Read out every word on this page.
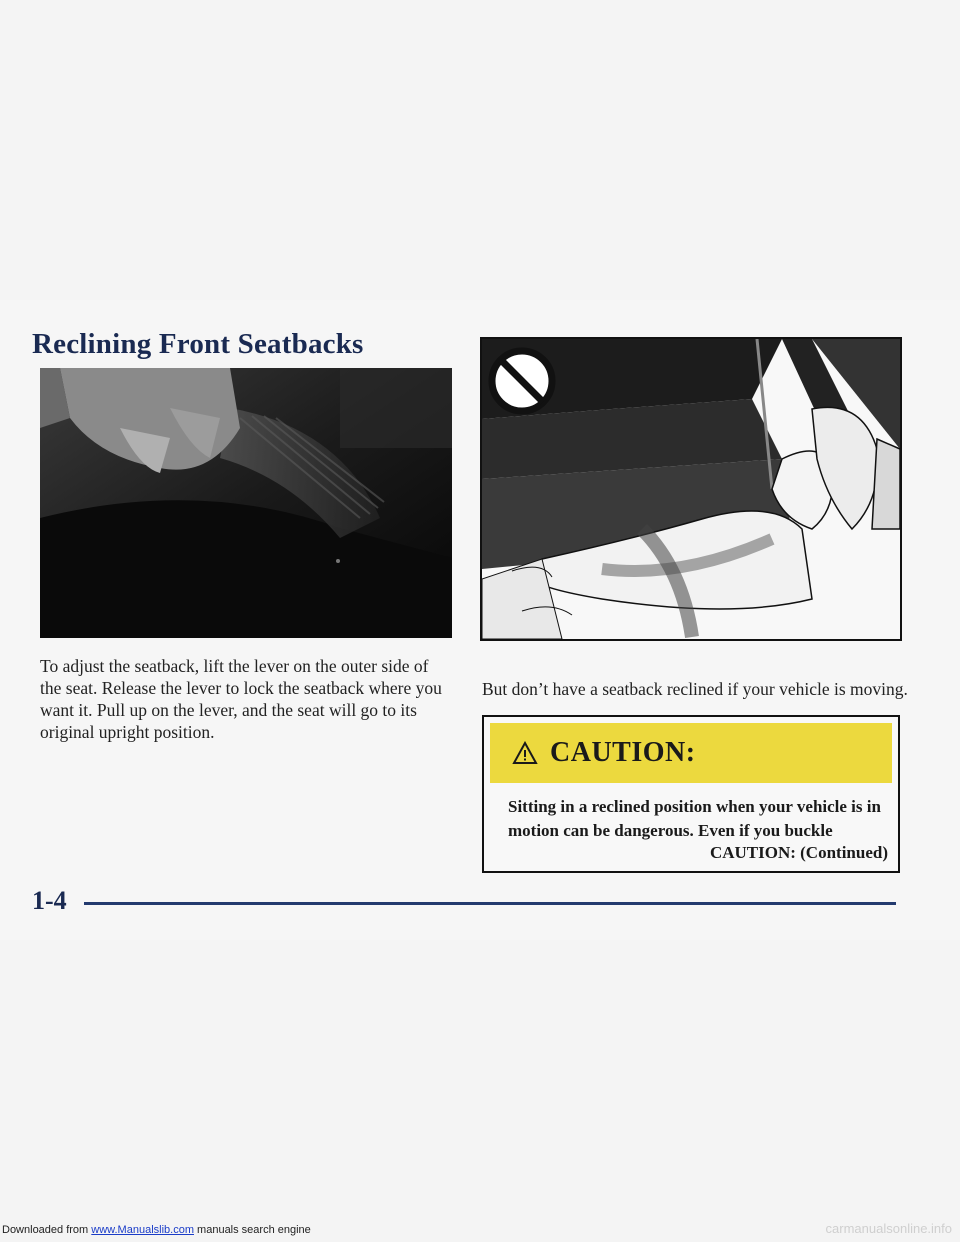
Reclining Front Seatbacks

To adjust the seatback, lift the lever on the outer side of the seat. Release the lever to lock the seatback where you want it. Pull up on the lever, and the seat will go to its original upright position.

But don’t have a seatback reclined if your vehicle is moving.

CAUTION:

Sitting in a reclined position when your vehicle is in motion can be dangerous. Even if you buckle

CAUTION: (Continued)

1-4

Downloaded from www.Manualslib.com manuals search engine	carmanualsonline.info
